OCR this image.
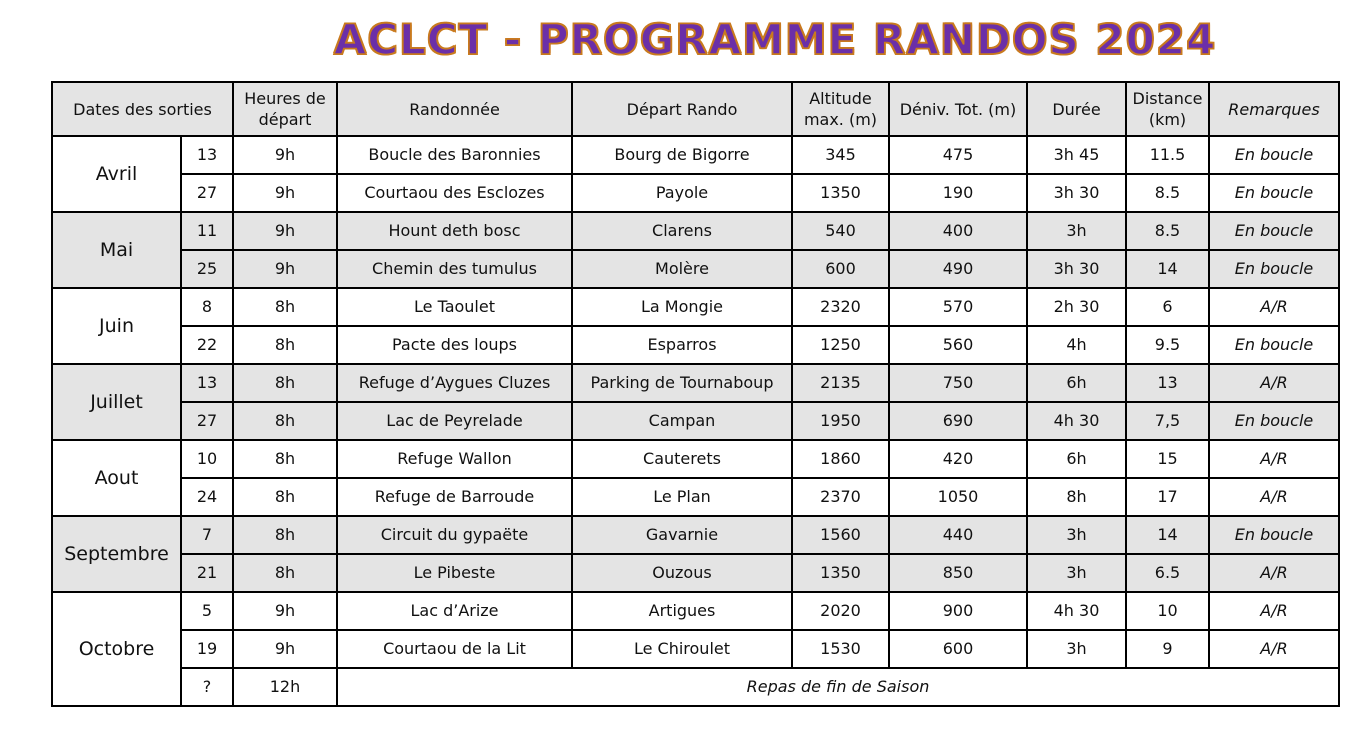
ACLCT - PROGRAMME RANDOS 2024
Dates des sorties		Heures de départ	Randonnée	Départ Rando	Altitude max. (m)	Déniv. Tot. (m)	Durée	Distance (km)	Remarques
Avril	13	9h	Boucle des Baronnies	Bourg de Bigorre	345	475	3h 45	11.5	En boucle
	27	9h	Courtaou des Esclozes	Payole	1350	190	3h 30	8.5	En boucle
Mai	11	9h	Hount deth bosc	Clarens	540	400	3h	8.5	En boucle
	25	9h	Chemin des tumulus	Molère	600	490	3h 30	14	En boucle
Juin	8	8h	Le Taoulet	La Mongie	2320	570	2h 30	6	A/R
	22	8h	Pacte des loups	Esparros	1250	560	4h	9.5	En boucle
Juillet	13	8h	Refuge d’Aygues Cluzes	Parking de Tournaboup	2135	750	6h	13	A/R
	27	8h	Lac de Peyrelade	Campan	1950	690	4h 30	7,5	En boucle
Aout	10	8h	Refuge Wallon	Cauterets	1860	420	6h	15	A/R
	24	8h	Refuge de Barroude	Le Plan	2370	1050	8h	17	A/R
Septembre	7	8h	Circuit du gypaëte	Gavarnie	1560	440	3h	14	En boucle
	21	8h	Le Pibeste	Ouzous	1350	850	3h	6.5	A/R
Octobre	5	9h	Lac d’Arize	Artigues	2020	900	4h 30	10	A/R
	19	9h	Courtaou de la Lit	Le Chiroulet	1530	600	3h	9	A/R
	?	12h	Repas de fin de Saison						
